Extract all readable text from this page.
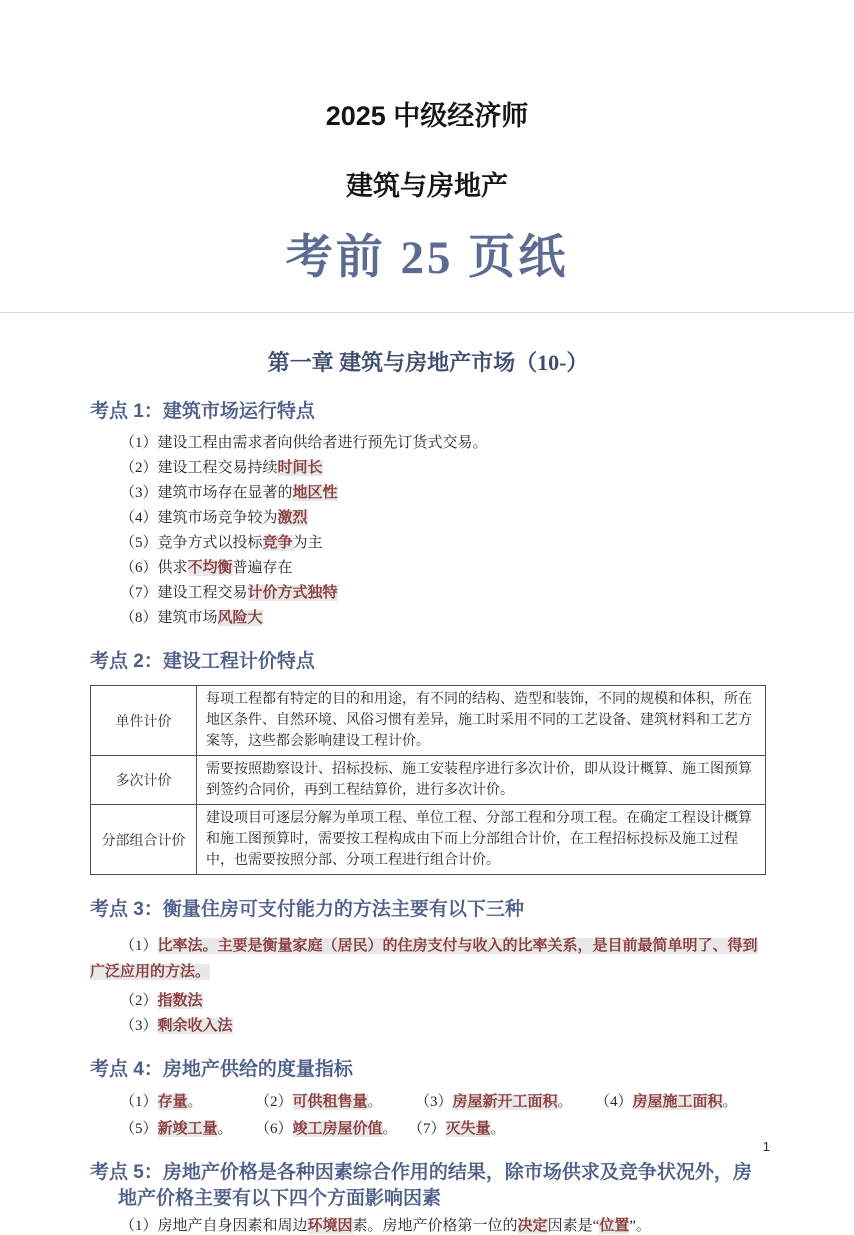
2025 中级经济师
建筑与房地产
考前 25 页纸
第一章 建筑与房地产市场（10-）
考点 1：建筑市场运行特点

（1）建设工程由需求者向供给者进行预先订货式交易。

（2）建设工程交易持续时间长

（3）建筑市场存在显著的地区性

（4）建筑市场竞争较为激烈

（5）竞争方式以投标竞争为主

（6）供求不均衡普遍存在

（7）建设工程交易计价方式独特

（8）建筑市场风险大

考点 2：建设工程计价特点
单件计价	每项工程都有特定的目的和用途，有不同的结构、造型和装饰，不同的规模和体积，所在地区条件、自然环境、风俗习惯有差异，施工时采用不同的工艺设备、建筑材料和工艺方案等，这些都会影响建设工程计价。
多次计价	需要按照勘察设计、招标投标、施工安装程序进行多次计价，即从设计概算、施工图预算到签约合同价，再到工程结算价，进行多次计价。
分部组合计价	建设项目可逐层分解为单项工程、单位工程、分部工程和分项工程。在确定工程设计概算和施工图预算时，需要按工程构成由下而上分部组合计价，在工程招标投标及施工过程中，也需要按照分部、分项工程进行组合计价。
考点 3：衡量住房可支付能力的方法主要有以下三种

（1）比率法。主要是衡量家庭（居民）的住房支付与收入的比率关系，是目前最简单明了、得到广泛应用的方法。

（2）指数法

（3）剩余收入法

考点 4：房地产供给的度量指标
（1）存量。	（2）可供租售量。	（3）房屋新开工面积。	（4）房屋施工面积。
（5）新竣工量。	（6）竣工房屋价值。 （7）灭失量。
考点 5：房地产价格是各种因素综合作用的结果，除市场供求及竞争状况外，房地产价格主要有以下四个方面影响因素

（1）房地产自身因素和周边环境因素。房地产价格第一位的决定因素是“位置”。

1
